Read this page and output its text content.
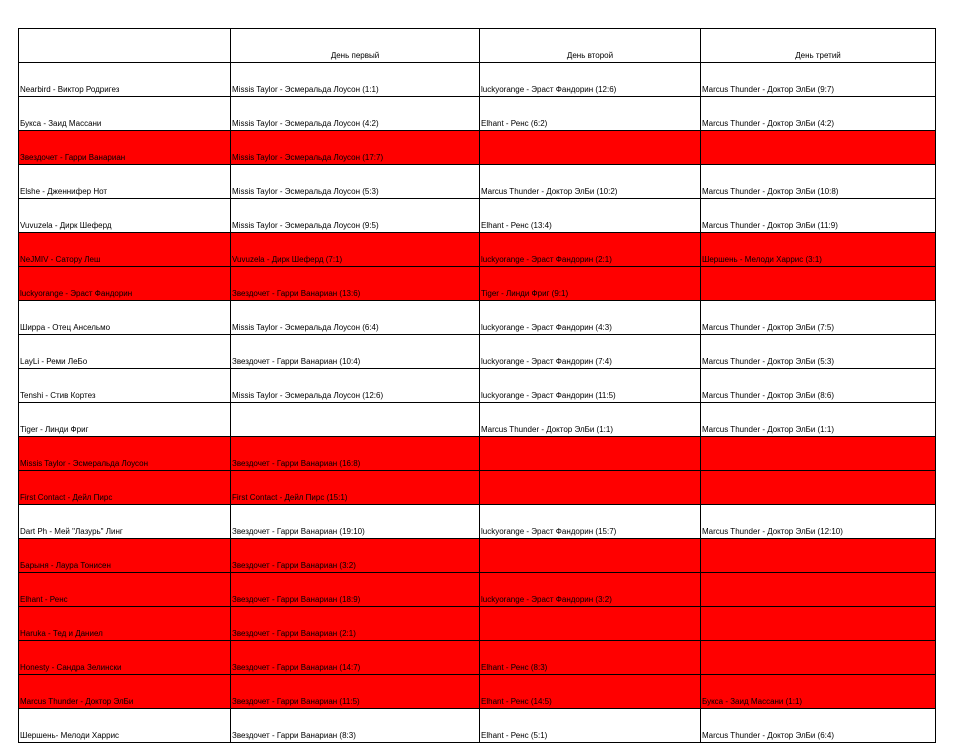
	День первый	День второй	День третий
Nearbird - Виктор Родригез	Missis Taylor - Эсмеральда Лоусон (1:1)	luckyorange - Эраст Фандорин (12:6)	Marcus Thunder - Доктор ЭлБи (9:7)
Буксa - Заид Массани	Missis Taylor - Эсмеральда Лоусон (4:2)	Elhant - Ренс (6:2)	Marcus Thunder - Доктор ЭлБи (4:2)
Звездочет - Гарри Ванариан	Missis Taylor - Эсмеральда Лоусон (17:7)		
Elshe - Дженнифер Нот	Missis Taylor - Эсмеральда Лоусон (5:3)	Marcus Thunder - Доктор ЭлБи (10:2)	Marcus Thunder - Доктор ЭлБи (10:8)
Vuvuzela - Дирк Шеферд	Missis Taylor - Эсмеральда Лоусон (9:5)	Elhant - Ренс (13:4)	Marcus Thunder - Доктор ЭлБи (11:9)
NeJMIV - Сатору Леш	Vuvuzela - Дирк Шеферд (7:1)	luckyorange - Эраст Фандорин (2:1)	Шершень - Мелоди Харрис (3:1)
luckyorange - Эраст Фандорин	Звездочет - Гарри Ванариан (13:6)	Tiger - Линди Фриг (9:1)	
Ширра - Отец Ансельмо	Missis Taylor - Эсмеральда Лоусон (6:4)	luckyorange - Эраст Фандорин (4:3)	Marcus Thunder - Доктор ЭлБи (7:5)
LayLi - Реми ЛеБо	Звездочет - Гарри Ванариан (10:4)	luckyorange - Эраст Фандорин (7:4)	Marcus Thunder - Доктор ЭлБи (5:3)
Tenshi - Стив Кортез	Missis Taylor - Эсмеральда Лоусон (12:6)	luckyorange - Эраст Фандорин (11:5)	Marcus Thunder - Доктор ЭлБи (8:6)
Tiger - Линди Фриг		Marcus Thunder - Доктор ЭлБи (1:1)	Marcus Thunder - Доктор ЭлБи (1:1)
Missis Taylor - Эсмеральда Лоусон	Звездочет - Гарри Ванариан (16:8)		
First Contact - Дейл Пирс	First Contact - Дейл Пирс (15:1)		
Dart Ph - Мей "Лазурь" Линг	Звездочет - Гарри Ванариан (19:10)	luckyorange - Эраст Фандорин (15:7)	Marcus Thunder - Доктор ЭлБи (12:10)
Барыня - Лаура Тонисен	Звездочет - Гарри Ванариан (3:2)		
Elhant - Ренс	Звездочет - Гарри Ванариан (18:9)	luckyorange - Эраст Фандорин (3:2)	
Haruka - Тед и Даниел	Звездочет - Гарри Ванариан (2:1)		
Honesty - Сандра Зелински	Звездочет - Гарри Ванариан (14:7)	Elhant - Ренс (8:3)	
Marcus Thunder - Доктор ЭлБи	Звездочет - Гарри Ванариан (11:5)	Elhant - Ренс (14:5)	Буксa - Заид Массани (1:1)
Шершень- Мелоди Харрис	Звездочет - Гарри Ванариан (8:3)	Elhant - Ренс (5:1)	Marcus Thunder - Доктор ЭлБи (6:4)
